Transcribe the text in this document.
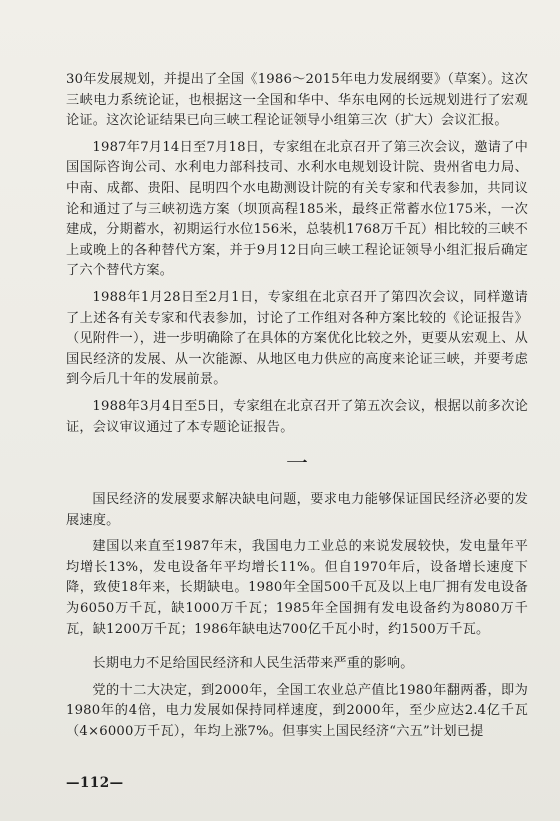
30年发展规划，并提出了全国《1986～2015年电力发展纲要》（草案）。这次三峡电力系统论证，也根据这一全国和华中、华东电网的长远规划进行了宏观论证。这次论证结果已向三峡工程论证领导小组第三次（扩大）会议汇报。

1987年7月14日至7月18日，专家组在北京召开了第三次会议，邀请了中国国际咨询公司、水利电力部科技司、水利水电规划设计院、贵州省电力局、中南、成都、贵阳、昆明四个水电勘测设计院的有关专家和代表参加，共同议论和通过了与三峡初选方案（坝顶高程185米，最终正常蓄水位175米，一次建成，分期蓄水，初期运行水位156米，总装机1768万千瓦）相比较的三峡不上或晚上的各种替代方案，并于9月12日向三峡工程论证领导小组汇报后确定了六个替代方案。

1988年1月28日至2月1日，专家组在北京召开了第四次会议，同样邀请了上述各有关专家和代表参加，讨论了工作组对各种方案比较的《论证报告》（见附件一），进一步明确除了在具体的方案优化比较之外，更要从宏观上、从国民经济的发展、从一次能源、从地区电力供应的高度来论证三峡，并要考虑到今后几十年的发展前景。

1988年3月4日至5日，专家组在北京召开了第五次会议，根据以前多次论证，会议审议通过了本专题论证报告。

一

国民经济的发展要求解决缺电问题，要求电力能够保证国民经济必要的发展速度。

建国以来直至1987年末，我国电力工业总的来说发展较快，发电量年平均增长13%，发电设备年平均增长11%。但自1970年后，设备增长速度下降，致使18年来，长期缺电。1980年全国500千瓦及以上电厂拥有发电设备为6050万千瓦，缺1000万千瓦；1985年全国拥有发电设备约为8080万千瓦，缺1200万千瓦；1986年缺电达700亿千瓦小时，约1500万千瓦。

长期电力不足给国民经济和人民生活带来严重的影响。

党的十二大决定，到2000年，全国工农业总产值比1980年翻两番，即为1980年的4倍，电力发展如保持同样速度，到2000年，至少应达2.4亿千瓦（4×6000万千瓦），年均上涨7%。但事实上国民经济“六五”计划已提

—112—
